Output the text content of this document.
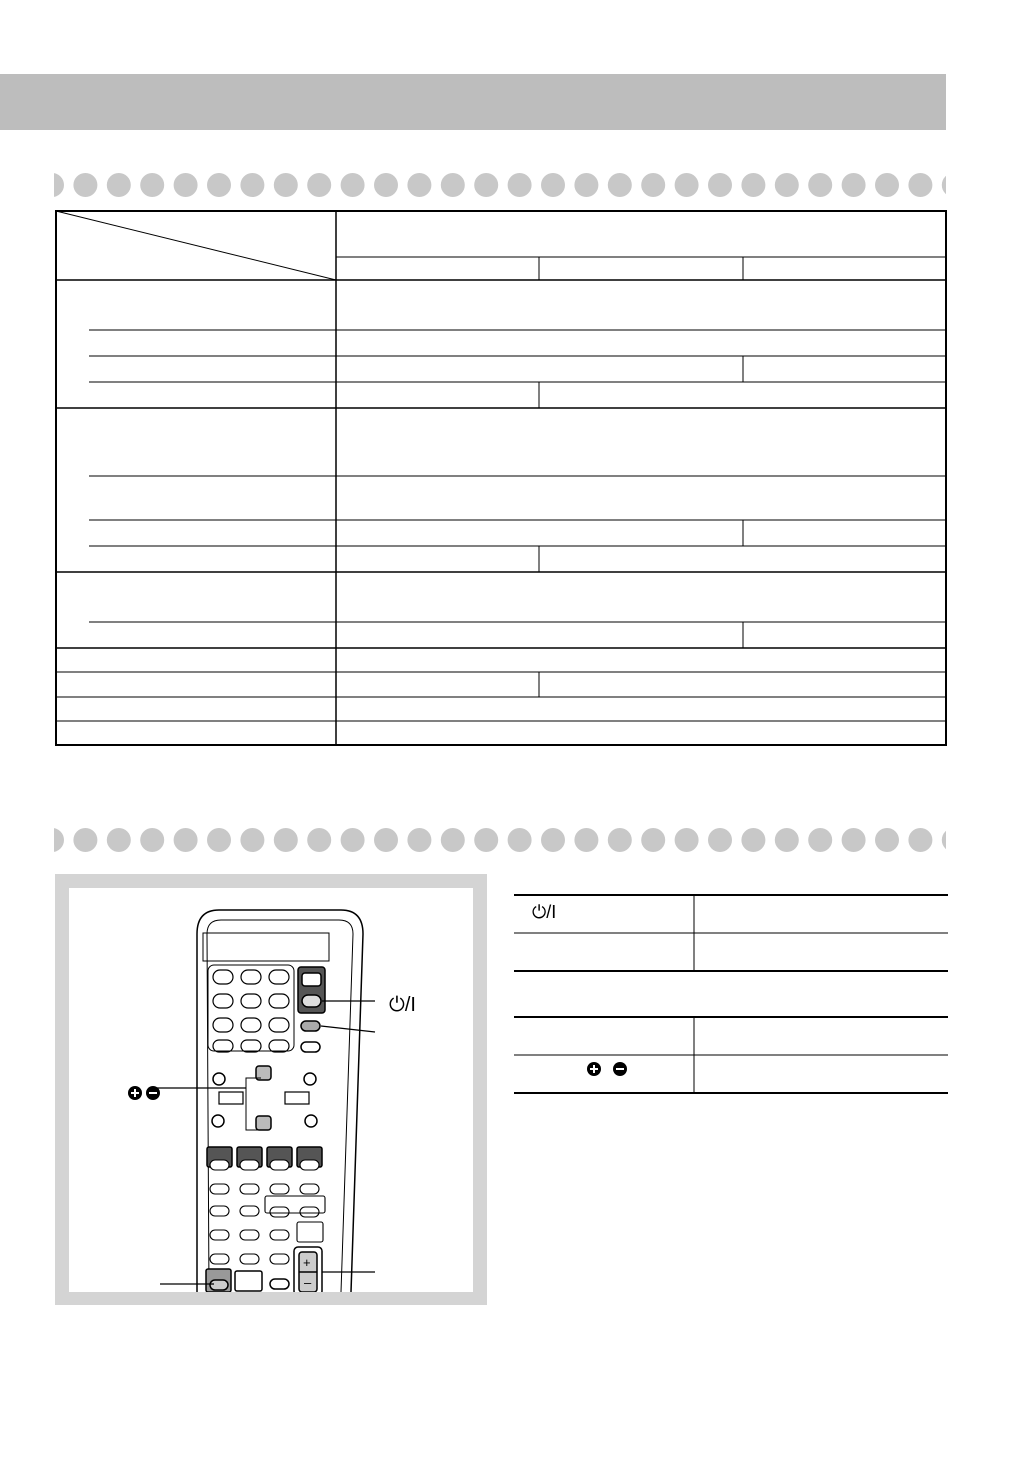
+
–
⏻/I
⏻/I
